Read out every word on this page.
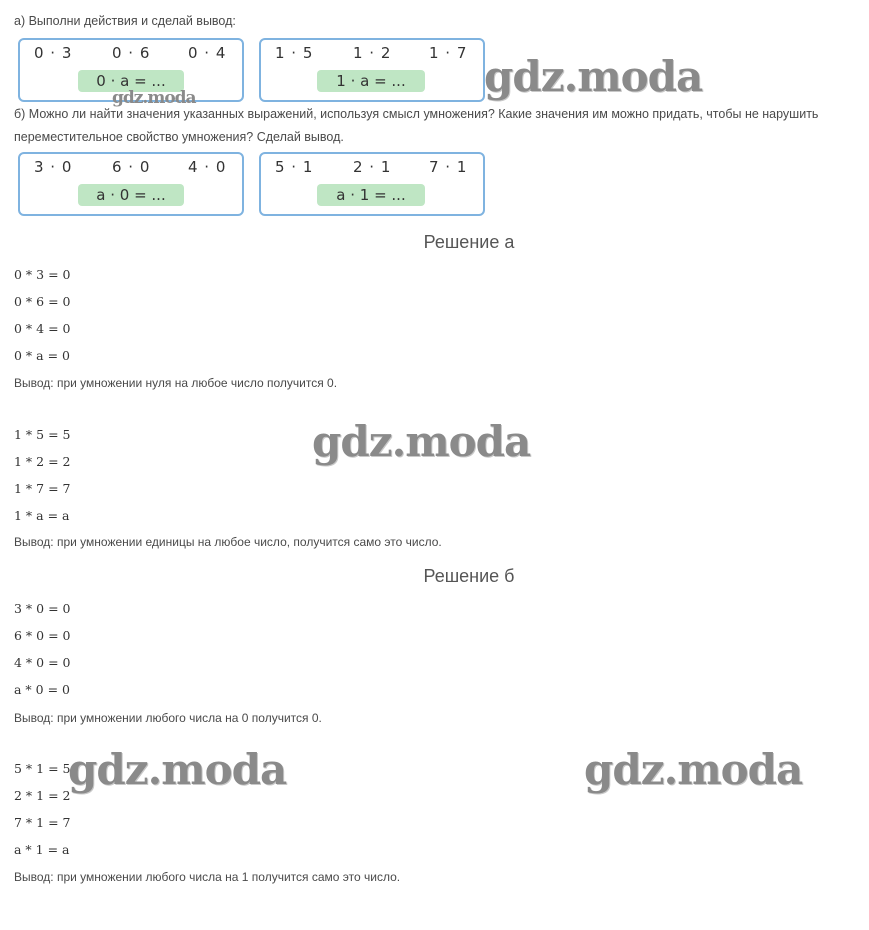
а) Выполни действия и сделай вывод:
0 · 3	0 · 6	0 · 4
0 · a = ...
1 · 5	1 · 2	1 · 7
1 · a = ...
б) Можно ли найти значения указанных выражений, используя смысл умножения? Какие значения им можно придать, чтобы не нарушить
переместительное свойство умножения? Сделай вывод.
3 · 0	6 · 0	4 · 0
a · 0 = ...
5 · 1	2 · 1	7 · 1
a · 1 = ...
Решение а
0 * 3 = 0
0 * 6 = 0
0 * 4 = 0
0 * a = 0
Вывод: при умножении нуля на любое число получится 0.
1 * 5 = 5
1 * 2 = 2
1 * 7 = 7
1 * a = a
Вывод: при умножении единицы на любое число, получится само это число.
Решение б
3 * 0 = 0
6 * 0 = 0
4 * 0 = 0
a * 0 = 0
Вывод: при умножении любого числа на 0 получится 0.
5 * 1 = 5
2 * 1 = 2
7 * 1 = 7
a * 1 = a
Вывод: при умножении любого числа на 1 получится само это число.
gdz.moda
gdz.moda
gdz.moda
gdz.moda	gdz.moda
